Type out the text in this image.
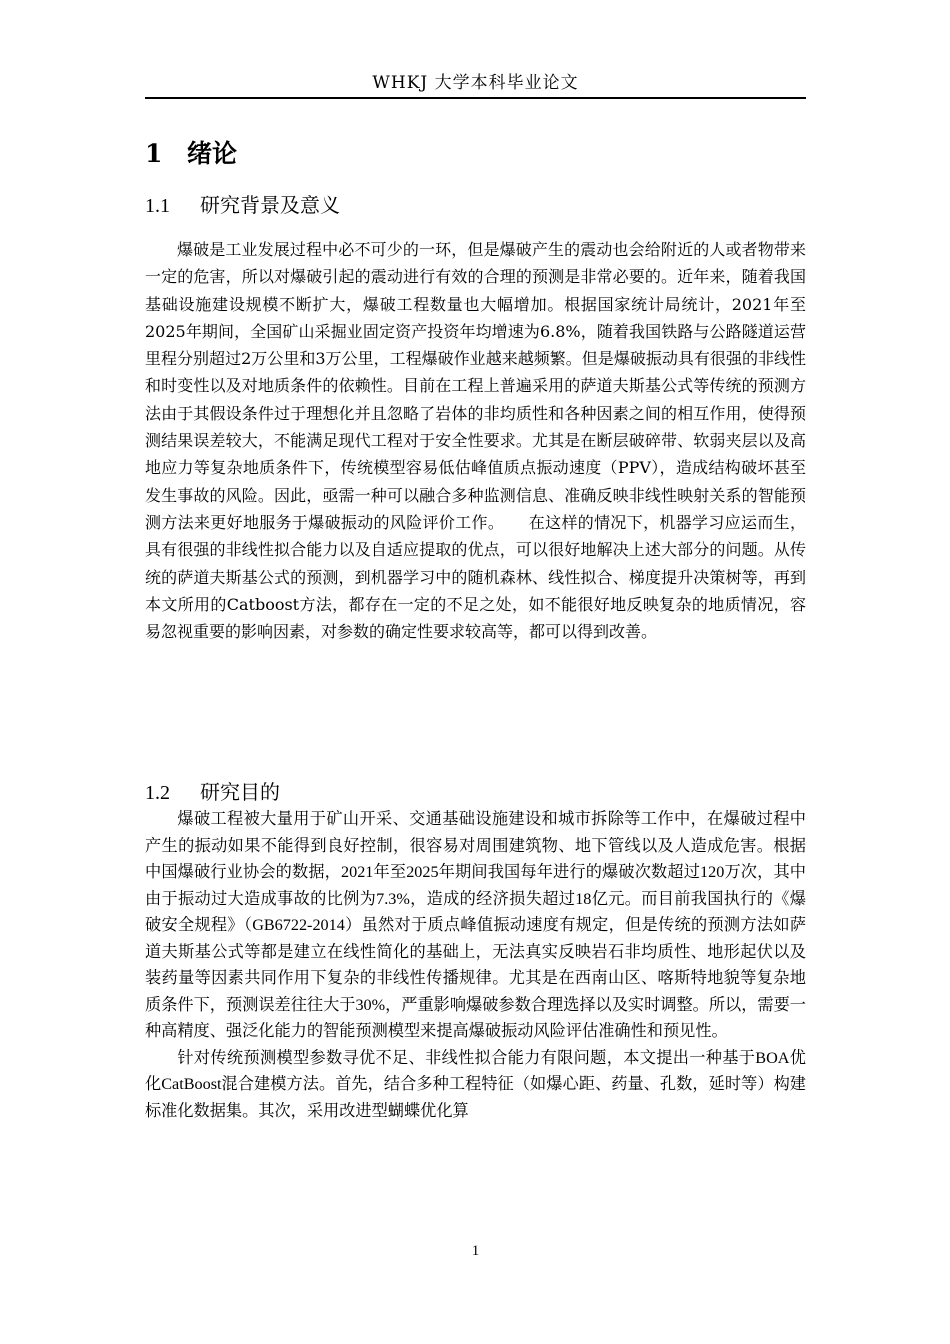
WHKJ 大学本科毕业论文
1 绪论
1.1 研究背景及意义

爆破是工业发展过程中必不可少的一环，但是爆破产生的震动也会给附近的人或者物带来一定的危害，所以对爆破引起的震动进行有效的合理的预测是非常必要的。近年来，随着我国基础设施建设规模不断扩大，爆破工程数量也大幅增加。根据国家统计局统计，2021年至2025年期间，全国矿山采掘业固定资产投资年均增速为6.8%，随着我国铁路与公路隧道运营里程分别超过2万公里和3万公里，工程爆破作业越来越频繁。但是爆破振动具有很强的非线性和时变性以及对地质条件的依赖性。目前在工程上普遍采用的萨道夫斯基公式等传统的预测方法由于其假设条件过于理想化并且忽略了岩体的非均质性和各种因素之间的相互作用，使得预测结果误差较大，不能满足现代工程对于安全性要求。尤其是在断层破碎带、软弱夹层以及高地应力等复杂地质条件下，传统模型容易低估峰值质点振动速度（PPV），造成结构破坏甚至发生事故的风险。因此，亟需一种可以融合多种监测信息、准确反映非线性映射关系的智能预测方法来更好地服务于爆破振动的风险评价工作。　　在这样的情况下，机器学习应运而生，具有很强的非线性拟合能力以及自适应提取的优点，可以很好地解决上述大部分的问题。从传统的萨道夫斯基公式的预测，到机器学习中的随机森林、线性拟合、梯度提升决策树等，再到本文所用的Catboost方法，都存在一定的不足之处，如不能很好地反映复杂的地质情况，容易忽视重要的影响因素，对参数的确定性要求较高等，都可以得到改善。

1.2 研究目的

爆破工程被大量用于矿山开采、交通基础设施建设和城市拆除等工作中，在爆破过程中产生的振动如果不能得到良好控制，很容易对周围建筑物、地下管线以及人造成危害。根据中国爆破行业协会的数据，2021年至2025年期间我国每年进行的爆破次数超过120万次，其中由于振动过大造成事故的比例为7.3%，造成的经济损失超过18亿元。而目前我国执行的《爆破安全规程》（GB6722-2014）虽然对于质点峰值振动速度有规定，但是传统的预测方法如萨道夫斯基公式等都是建立在线性简化的基础上，无法真实反映岩石非均质性、地形起伏以及装药量等因素共同作用下复杂的非线性传播规律。尤其是在西南山区、喀斯特地貌等复杂地质条件下，预测误差往往大于30%，严重影响爆破参数合理选择以及实时调整。所以，需要一种高精度、强泛化能力的智能预测模型来提高爆破振动风险评估准确性和预见性。

针对传统预测模型参数寻优不足、非线性拟合能力有限问题，本文提出一种基于BOA优化CatBoost混合建模方法。首先，结合多种工程特征（如爆心距、药量、孔数，延时等）构建标准化数据集。其次，采用改进型蝴蝶优化算

1
